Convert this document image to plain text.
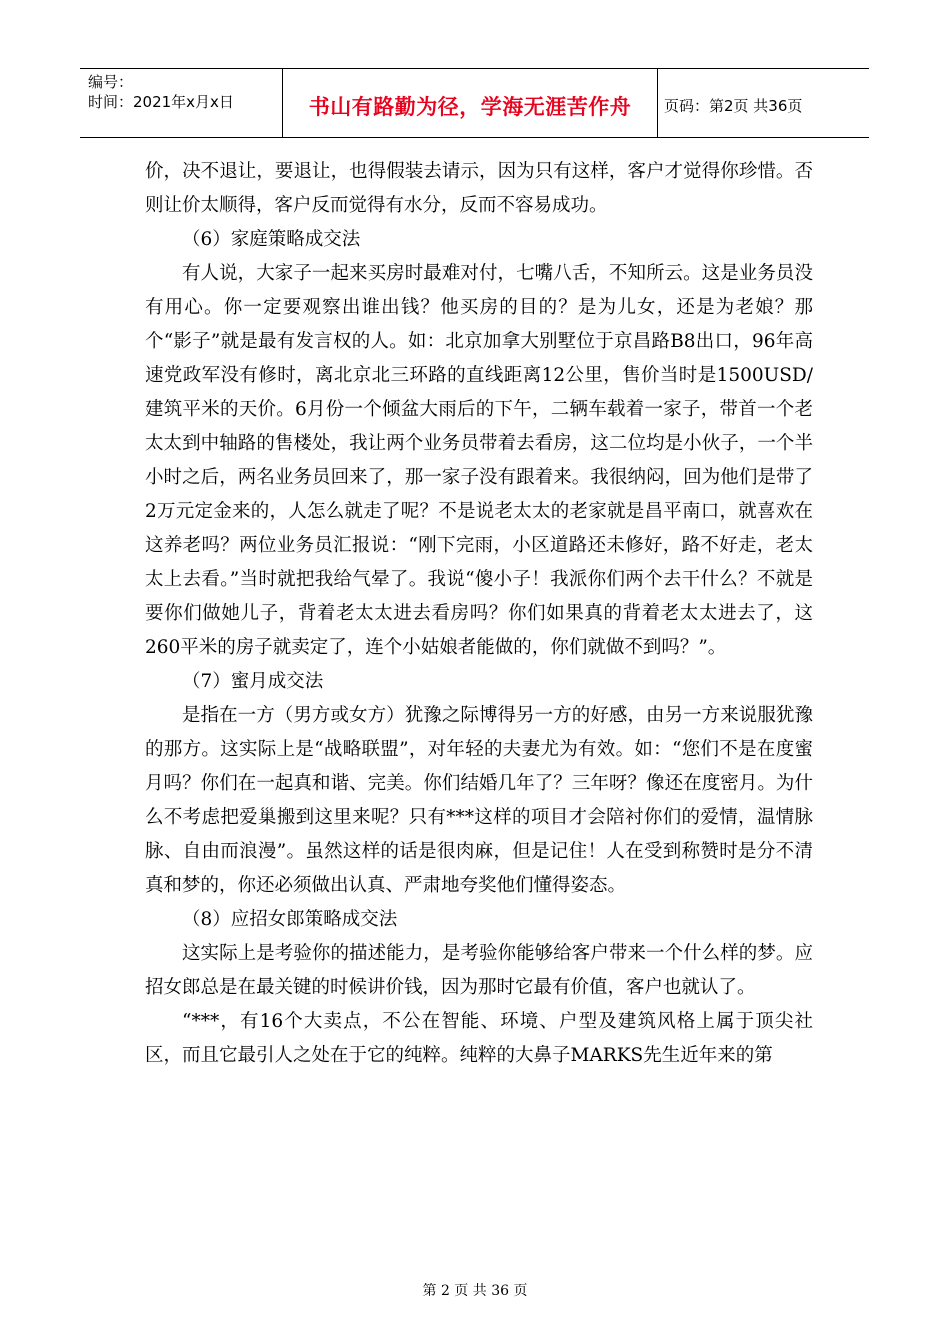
编号：
时间：2021年x月x日	书山有路勤为径，学海无涯苦作舟 页码：第2页 共36页

价，决不退让，要退让，也得假装去请示，因为只有这样，客户才觉得你珍惜。否则让价太顺得，客户反而觉得有水分，反而不容易成功。

（6）家庭策略成交法

有人说，大家子一起来买房时最难对付，七嘴八舌，不知所云。这是业务员没有用心。你一定要观察出谁出钱？他买房的目的？是为儿女，还是为老娘？那个“影子”就是最有发言权的人。如：北京加拿大别墅位于京昌路B8出口，96年高速党政军没有修时，离北京北三环路的直线距离12公里，售价当时是1500USD/建筑平米的天价。6月份一个倾盆大雨后的下午，二辆车载着一家子，带首一个老太太到中轴路的售楼处，我让两个业务员带着去看房，这二位均是小伙子，一个半小时之后，两名业务员回来了，那一家子没有跟着来。我很纳闷，回为他们是带了2万元定金来的，人怎么就走了呢？不是说老太太的老家就是昌平南口，就喜欢在这养老吗？两位业务员汇报说：“刚下完雨，小区道路还未修好，路不好走，老太太上去看。”当时就把我给气晕了。我说“傻小子！我派你们两个去干什么？不就是要你们做她儿子，背着老太太进去看房吗？你们如果真的背着老太太进去了，这260平米的房子就卖定了，连个小姑娘者能做的，你们就做不到吗？”。

（7）蜜月成交法

是指在一方（男方或女方）犹豫之际博得另一方的好感，由另一方来说服犹豫的那方。这实际上是“战略联盟”，对年轻的夫妻尤为有效。如：“您们不是在度蜜月吗？你们在一起真和谐、完美。你们结婚几年了？三年呀？像还在度密月。为什么不考虑把爱巢搬到这里来呢？只有***这样的项目才会陪衬你们的爱情，温情脉脉、自由而浪漫”。虽然这样的话是很肉麻，但是记住！人在受到称赞时是分不清真和梦的，你还必须做出认真、严肃地夸奖他们懂得姿态。

（8）应招女郎策略成交法

这实际上是考验你的描述能力，是考验你能够给客户带来一个什么样的梦。应招女郎总是在最关键的时候讲价钱，因为那时它最有价值，客户也就认了。

“***，有16个大卖点，不公在智能、环境、户型及建筑风格上属于顶尖社区，而且它最引人之处在于它的纯粹。纯粹的大鼻子MARKS先生近年来的第

第 2 页 共 36 页
